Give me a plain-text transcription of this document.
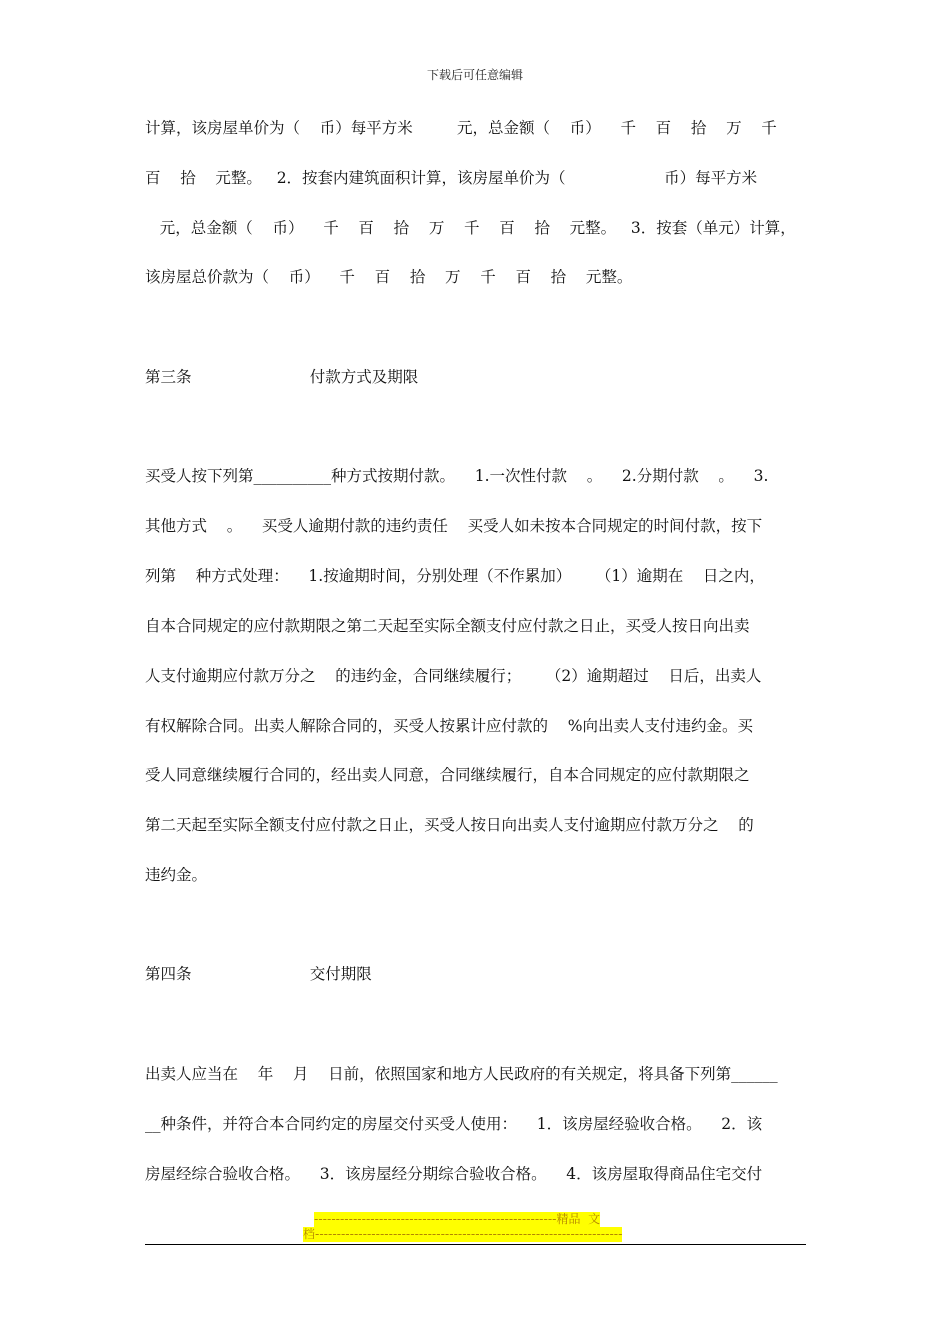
下载后可任意编辑
计算，该房屋单价为（    币）每平方米         元，总金额（    币）    千    百    拾    万    千
百    拾    元整。   2．按套内建筑面积计算，该房屋单价为（                    币）每平方米
元，总金额（    币）    千    百    拾    万    千    百    拾    元整。   3．按套（单元）计算，
该房屋总价款为（    币）    千    百    拾    万    千    百    拾    元整。
第三条                        付款方式及期限
买受人按下列第__________种方式按期付款。    1.一次性付款    。    2.分期付款    。    3.
其他方式    。    买受人逾期付款的违约责任    买受人如未按本合同规定的时间付款，按下
列第    种方式处理：    1.按逾期时间，分别处理（不作累加）     （1）逾期在    日之内，
自本合同规定的应付款期限之第二天起至实际全额支付应付款之日止，买受人按日向出卖
人支付逾期应付款万分之    的违约金，合同继续履行；     （2）逾期超过    日后，出卖人
有权解除合同。出卖人解除合同的，买受人按累计应付款的    %向出卖人支付违约金。买
受人同意继续履行合同的，经出卖人同意，合同继续履行，自本合同规定的应付款期限之
第二天起至实际全额支付应付款之日止，买受人按日向出卖人支付逾期应付款万分之    的
违约金。
第四条                        交付期限
出卖人应当在    年    月    日前，依照国家和地方人民政府的有关规定，将具备下列第______
__种条件，并符合本合同约定的房屋交付买受人使用：    1．该房屋经验收合格。    2．该
房屋经综合验收合格。    3．该房屋经分期综合验收合格。    4．该房屋取得商品住宅交付
--------------------------------------------------------精品  文
档-----------------------------------------------------------------------
